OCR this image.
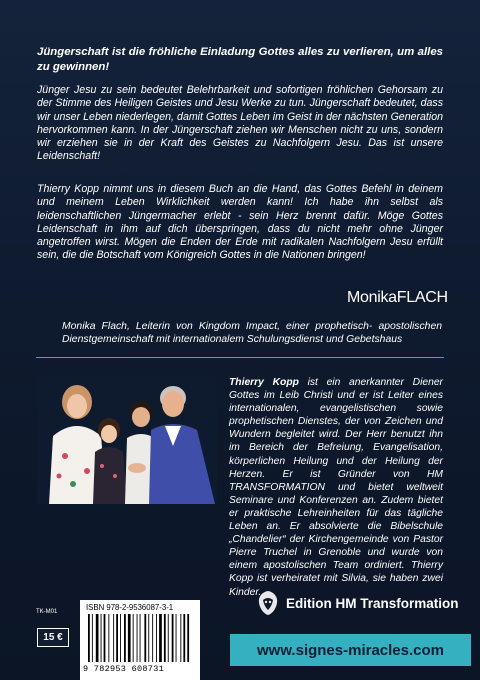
Jüngerschaft ist die fröhliche Einladung Gottes alles zu verlieren, um alles zu gewinnen!

Jünger Jesu zu sein bedeutet Belehrbarkeit und sofortigen fröhlichen Gehorsam zu der Stimme des Heiligen Geistes und Jesu Werke zu tun. Jüngerschaft bedeutet, dass wir unser Leben niederlegen, damit Gottes Leben im Geist in der nächsten Generation hervorkommen kann. In der Jüngerschaft ziehen wir Menschen nicht zu uns, sondern wir erziehen sie in der Kraft des Geistes zu Nachfolgern Jesu. Das ist unsere Leidenschaft!

Thierry Kopp nimmt uns in diesem Buch an die Hand, das Gottes Befehl in deinem und meinem Leben Wirklichkeit werden kann! Ich habe ihn selbst als leidenschaftlichen Jüngermacher erlebt - sein Herz brennt dafür. Möge Gottes Leidenschaft in ihm auf dich überspringen, dass du nicht mehr ohne Jünger angetroffen wirst. Mögen die Enden der Erde mit radikalen Nachfolgern Jesu erfüllt sein, die die Botschaft vom Königreich Gottes in die Nationen bringen!

MonikaFLACH

Monika Flach, Leiterin von Kingdom Impact, einer prophetisch- apostolischen Dienstgemeinschaft mit internationalem Schulungsdienst und Gebetshaus

Thierry Kopp ist ein anerkannter Diener Gottes im Leib Christi und er ist Leiter eines internationalen, evangelistischen sowie prophetischen Dienstes, der von Zeichen und Wundern begleitet wird. Der Herr benutzt ihn im Bereich der Befreiung, Evangelisation, körperlichen Heilung und der Heilung der Herzen. Er ist Gründer von HM TRANSFORMATION und bietet weltweit Seminare und Konferenzen an. Zudem bietet er praktische Lehreinheiten für das tägliche Leben an. Er absolvierte die Bibelschule „Chandelier“ der Kirchengemeinde von Pastor Pierre Truchel in Grenoble und wurde von einem apostolischen Team ordiniert. Thierry Kopp ist verheiratet mit Silvia, sie haben zwei Kinder.

Edition HM Transformation
TK-M01
15 €
ISBN 978-2-9536087-3-1
9 782953 608731
www.signes-miracles.com
